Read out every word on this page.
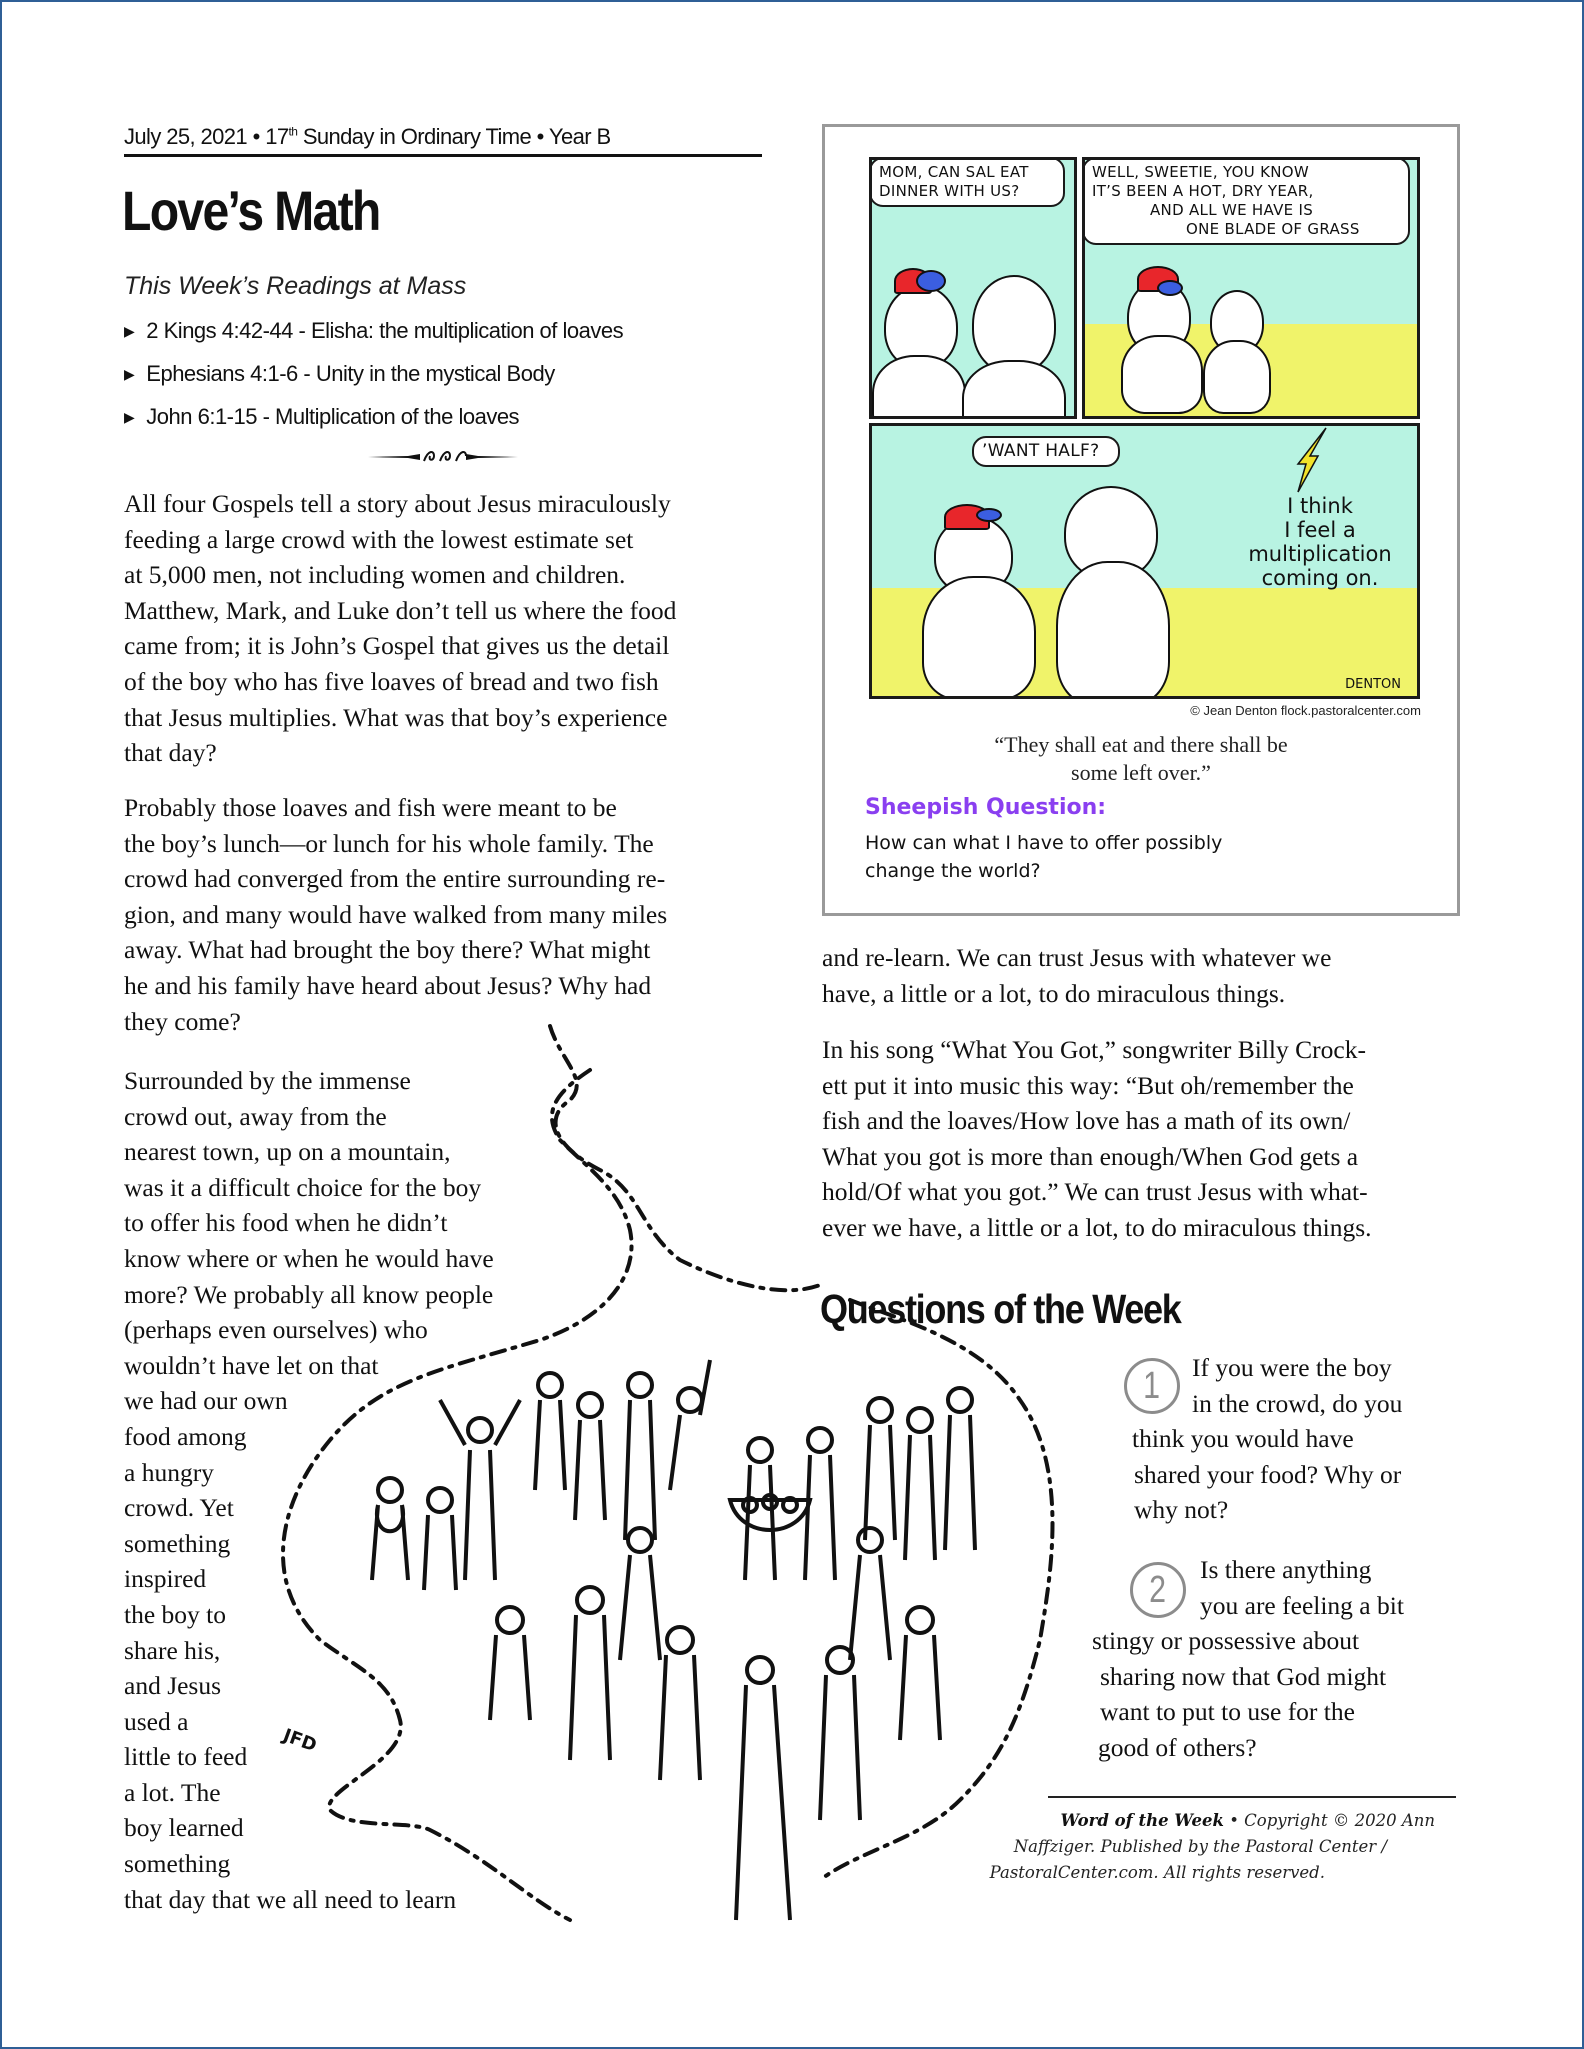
July 25, 2021 • 17th Sunday in Ordinary Time • Year B
Love’s Math
This Week’s Readings at Mass
▶ 2 Kings 4:42-44 - Elisha: the multiplication of loaves
▶ Ephesians 4:1-6 - Unity in the mystical Body
▶ John 6:1-15 - Multiplication of the loaves

All four Gospels tell a story about Jesus miraculously

feeding a large crowd with the lowest estimate set

at 5,000 men, not including women and children.

Matthew, Mark, and Luke don’t tell us where the food

came from; it is John’s Gospel that gives us the detail

of the boy who has five loaves of bread and two fish

that Jesus multiplies. What was that boy’s experience

that day?

Probably those loaves and fish were meant to be

the boy’s lunch—or lunch for his whole family. The

crowd had converged from the entire surrounding re-

gion, and many would have walked from many miles

away. What had brought the boy there? What might

he and his family have heard about Jesus? Why had

they come?

Surrounded by the immense

crowd out, away from the

nearest town, up on a mountain,

was it a difficult choice for the boy

to offer his food when he didn’t

know where or when he would have

more? We probably all know people

(perhaps even ourselves) who

wouldn’t have let on that

we had our own

food among

a hungry

crowd. Yet

something

inspired

the boy to

share his,

and Jesus

used a

little to feed

a lot. The

boy learned

something

that day that we all need to learn

and re-learn. We can trust Jesus with whatever we

have, a little or a lot, to do miraculous things.

In his song “What You Got,” songwriter Billy Crock-

ett put it into music this way: “But oh/remember the

fish and the loaves/How love has a math of its own/

What you got is more than enough/When God gets a

hold/Of what you got.” We can trust Jesus with what-

ever we have, a little or a lot, to do miraculous things.

JFD
MOM, CAN SAL EAT
DINNER WITH US?
WELL, SWEETIE, YOU KNOW
IT’S BEEN A HOT, DRY YEAR,
AND ALL WE HAVE IS
ONE BLADE OF GRASS
’WANT HALF?
I think
I feel a
multiplication
coming on.
DENTON
© Jean Denton flock.pastoralcenter.com
“They shall eat and there shall be
some left over.”
Sheepish Question:
How can what I have to offer possibly
change the world?
Questions of the Week
1	If you were the boy

in the crowd, do you

think you would have

shared your food? Why or

why not?

2	Is there anything

you are feeling a bit

stingy or possessive about

sharing now that God might

want to put to use for the

good of others?

Word of the Week • Copyright © 2020 Ann

Naffziger. Published by the Pastoral Center /

PastoralCenter.com. All rights reserved.
